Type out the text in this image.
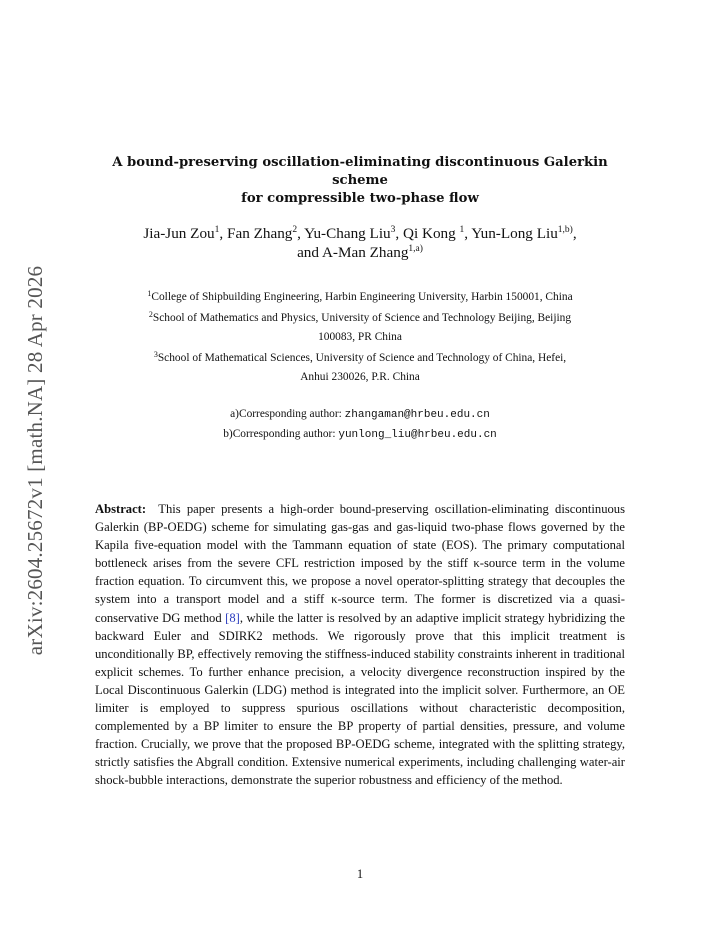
arXiv:2604.25672v1 [math.NA] 28 Apr 2026
A bound-preserving oscillation-eliminating discontinuous Galerkin scheme
for compressible two-phase flow
Jia-Jun Zou$^1$, Fan Zhang$^2$, Yu-Chang Liu$^3$, Qi Kong $^1$, Yun-Long Liu$^{1,b)}$,
and A-Man Zhang$^{1,a)}$
$^1$College of Shipbuilding Engineering, Harbin Engineering University, Harbin 150001, China
$^2$School of Mathematics and Physics, University of Science and Technology Beijing, Beijing
100083, PR China
$^3$School of Mathematical Sciences, University of Science and Technology of China, Hefei,
Anhui 230026, P.R. China
a)Corresponding author: zhangaman@hrbeu.edu.cn
b)Corresponding author: yunlong_liu@hrbeu.edu.cn
Abstract: This paper presents a high-order bound-preserving oscillation-eliminating discontinuous Galerkin (BP-OEDG) scheme for simulating gas-gas and gas-liquid two-phase flows governed by the Kapila five-equation model with the Tammann equation of state (EOS). The primary computational bottleneck arises from the severe CFL restriction imposed by the stiff κ-source term in the volume fraction equation. To circumvent this, we propose a novel operator-splitting strategy that decouples the system into a transport model and a stiff κ-source term. The former is discretized via a quasi-conservative DG method [8], while the latter is resolved by an adaptive implicit strategy hybridizing the backward Euler and SDIRK2 methods. We rigorously prove that this implicit treatment is unconditionally BP, effectively removing the stiffness-induced stability constraints inherent in traditional explicit schemes. To further enhance precision, a velocity divergence reconstruction inspired by the Local Discontinuous Galerkin (LDG) method is integrated into the implicit solver. Furthermore, an OE limiter is employed to suppress spurious oscillations without characteristic decomposition, complemented by a BP limiter to ensure the BP property of partial densities, pressure, and volume fraction. Crucially, we prove that the proposed BP-OEDG scheme, integrated with the splitting strategy, strictly satisfies the Abgrall condition. Extensive numerical experiments, including challenging water-air shock-bubble interactions, demonstrate the superior robustness and efficiency of the method.
1
